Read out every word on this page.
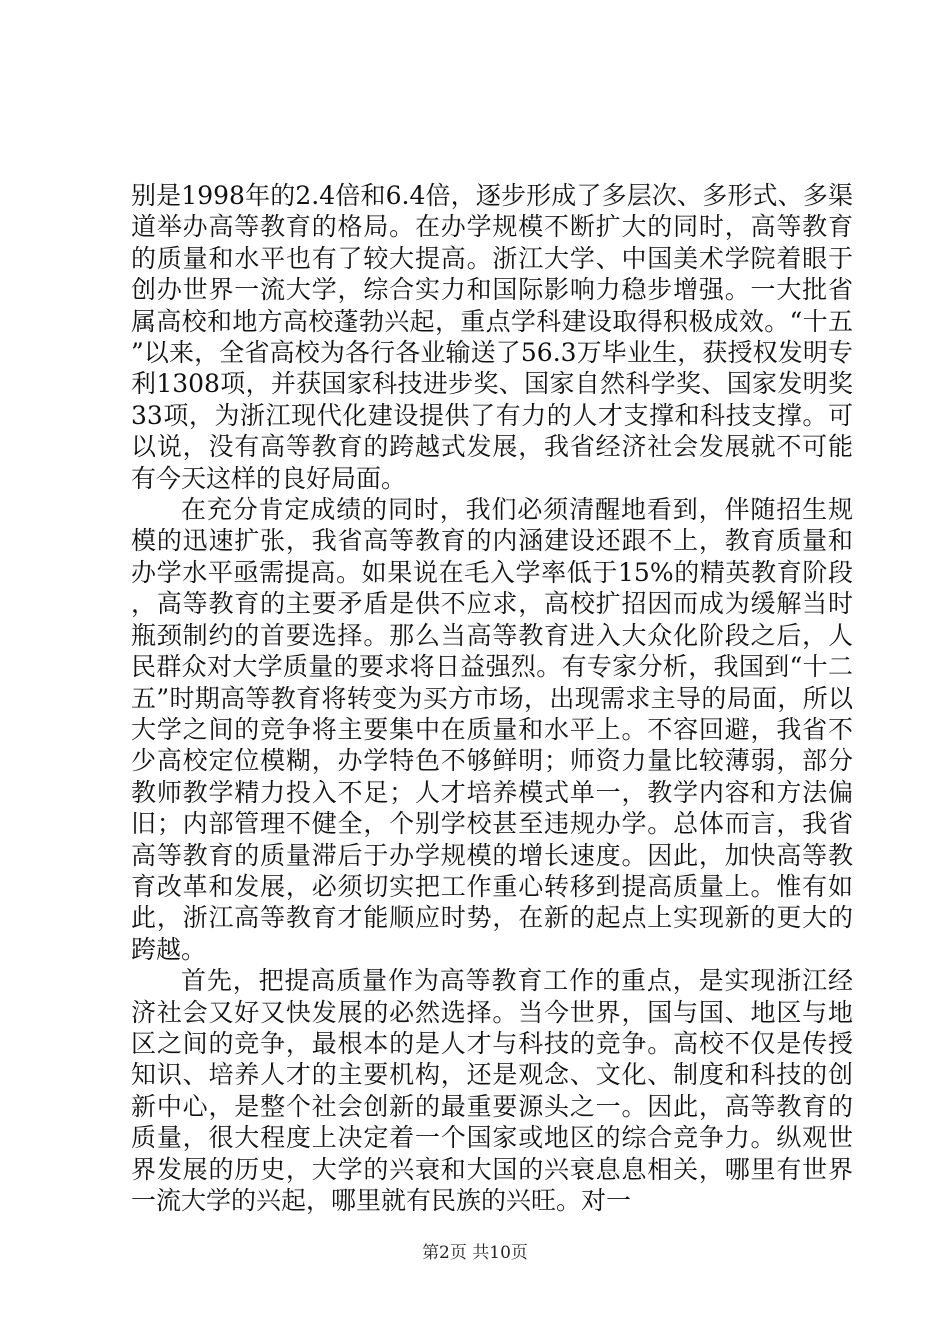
别是1998年的2.4倍和6.4倍，逐步形成了多层次、多形式、多渠道举办高等教育的格局。在办学规模不断扩大的同时，高等教育的质量和水平也有了较大提高。浙江大学、中国美术学院着眼于创办世界一流大学，综合实力和国际影响力稳步增强。一大批省属高校和地方高校蓬勃兴起，重点学科建设取得积极成效。“十五”以来，全省高校为各行各业输送了56.3万毕业生，获授权发明专利1308项，并获国家科技进步奖、国家自然科学奖、国家发明奖33项，为浙江现代化建设提供了有力的人才支撑和科技支撑。可以说，没有高等教育的跨越式发展，我省经济社会发展就不可能有今天这样的良好局面。

在充分肯定成绩的同时，我们必须清醒地看到，伴随招生规模的迅速扩张，我省高等教育的内涵建设还跟不上，教育质量和办学水平亟需提高。如果说在毛入学率低于15%的精英教育阶段，高等教育的主要矛盾是供不应求，高校扩招因而成为缓解当时瓶颈制约的首要选择。那么当高等教育进入大众化阶段之后，人民群众对大学质量的要求将日益强烈。有专家分析，我国到“十二五”时期高等教育将转变为买方市场，出现需求主导的局面，所以大学之间的竞争将主要集中在质量和水平上。不容回避，我省不少高校定位模糊，办学特色不够鲜明；师资力量比较薄弱，部分教师教学精力投入不足；人才培养模式单一，教学内容和方法偏旧；内部管理不健全，个别学校甚至违规办学。总体而言，我省高等教育的质量滞后于办学规模的增长速度。因此，加快高等教育改革和发展，必须切实把工作重心转移到提高质量上。惟有如此，浙江高等教育才能顺应时势，在新的起点上实现新的更大的跨越。

首先，把提高质量作为高等教育工作的重点，是实现浙江经济社会又好又快发展的必然选择。当今世界，国与国、地区与地区之间的竞争，最根本的是人才与科技的竞争。高校不仅是传授知识、培养人才的主要机构，还是观念、文化、制度和科技的创新中心，是整个社会创新的最重要源头之一。因此，高等教育的质量，很大程度上决定着一个国家或地区的综合竞争力。纵观世界发展的历史，大学的兴衰和大国的兴衰息息相关，哪里有世界一流大学的兴起，哪里就有民族的兴旺。对一

第2页 共10页
